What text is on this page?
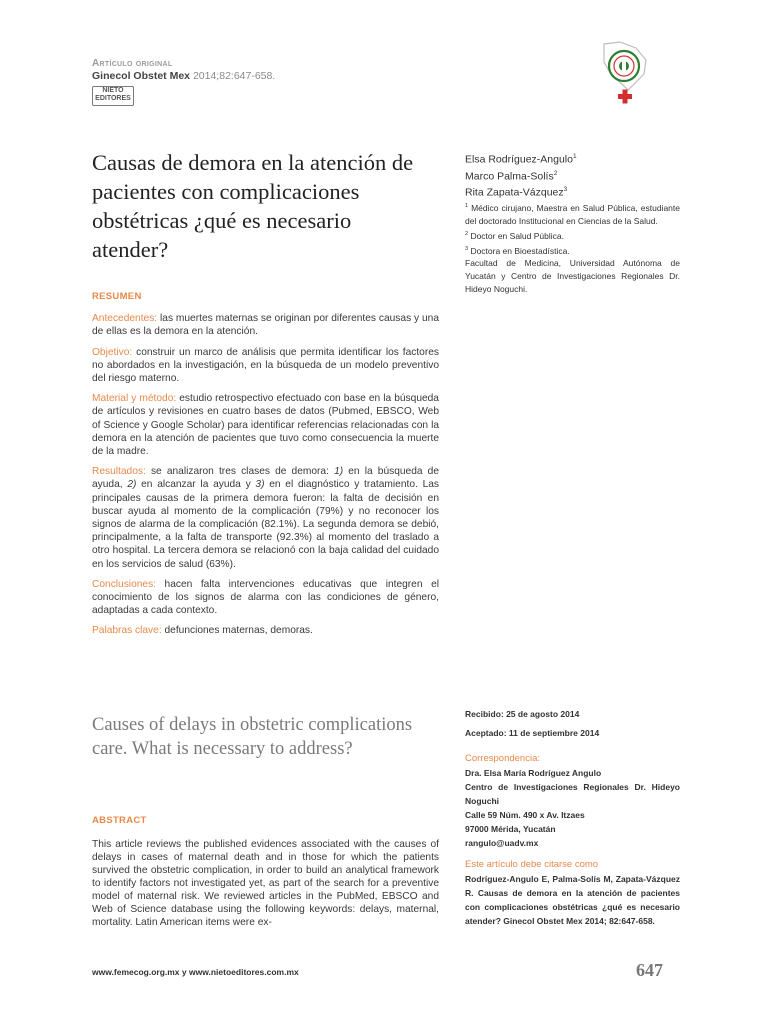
Artículo original
Ginecol Obstet Mex 2014;82:647-658.
NIETO
EDITORES
Causas de demora en la atención de pacientes con complicaciones obstétricas ¿qué es necesario atender?
Elsa Rodríguez-Angulo$^1$
Marco Palma-Solís$^2$
Rita Zapata-Vázquez$^3$

$^1$ Médico cirujano, Maestra en Salud Pública, estudiante del doctorado Institucional en Ciencias de la Salud.

$^2$ Doctor en Salud Pública.

$^3$ Doctora en Bioestadística.

Facultad de Medicina, Universidad Autónoma de Yucatán y Centro de Investigaciones Regionales Dr. Hideyo Noguchi.

RESUMEN

Antecedentes: las muertes maternas se originan por diferentes causas y una de ellas es la demora en la atención.

Objetivo: construir un marco de análisis que permita identificar los factores no abordados en la investigación, en la búsqueda de un modelo preventivo del riesgo materno.

Material y método: estudio retrospectivo efectuado con base en la búsqueda de artículos y revisiones en cuatro bases de datos (Pubmed, EBSCO, Web of Science y Google Scholar) para identificar referencias relacionadas con la demora en la atención de pacientes que tuvo como consecuencia la muerte de la madre.

Resultados: se analizaron tres clases de demora: 1) en la búsqueda de ayuda, 2) en alcanzar la ayuda y 3) en el diagnóstico y tratamiento. Las principales causas de la primera demora fueron: la falta de decisión en buscar ayuda al momento de la complicación (79%) y no reconocer los signos de alarma de la complicación (82.1%). La segunda demora se debió, principalmente, a la falta de transporte (92.3%) al momento del traslado a otro hospital. La tercera demora se relacionó con la baja calidad del cuidado en los servicios de salud (63%).

Conclusiones: hacen falta intervenciones educativas que integren el conocimiento de los signos de alarma con las condiciones de género, adaptadas a cada contexto.

Palabras clave: defunciones maternas, demoras.

Causes of delays in obstetric complications care. What is necessary to address?

ABSTRACT

This article reviews the published evidences associated with the causes of delays in cases of maternal death and in those for which the patients survived the obstetric complication, in order to build an analytical framework to identify factors not investigated yet, as part of the search for a preventive model of maternal risk. We reviewed articles in the PubMed, EBSCO and Web of Science database using the following keywords: delays, maternal, mortality. Latin American items were ex-

Recibido: 25 de agosto 2014

Aceptado: 11 de septiembre 2014

Correspondencia:

Dra. Elsa María Rodríguez Angulo

Centro de Investigaciones Regionales Dr. Hideyo Noguchi

Calle 59 Núm. 490 x Av. Itzaes

97000 Mérida, Yucatán

rangulo@uadv.mx

Este artículo debe citarse como

Rodríguez-Angulo E, Palma-Solís M, Zapata-Vázquez R. Causas de demora en la atención de pacientes con complicaciones obstétricas ¿qué es necesario atender? Ginecol Obstet Mex 2014; 82:647-658.

www.femecog.org.mx y www.nietoeditores.com.mx	647
